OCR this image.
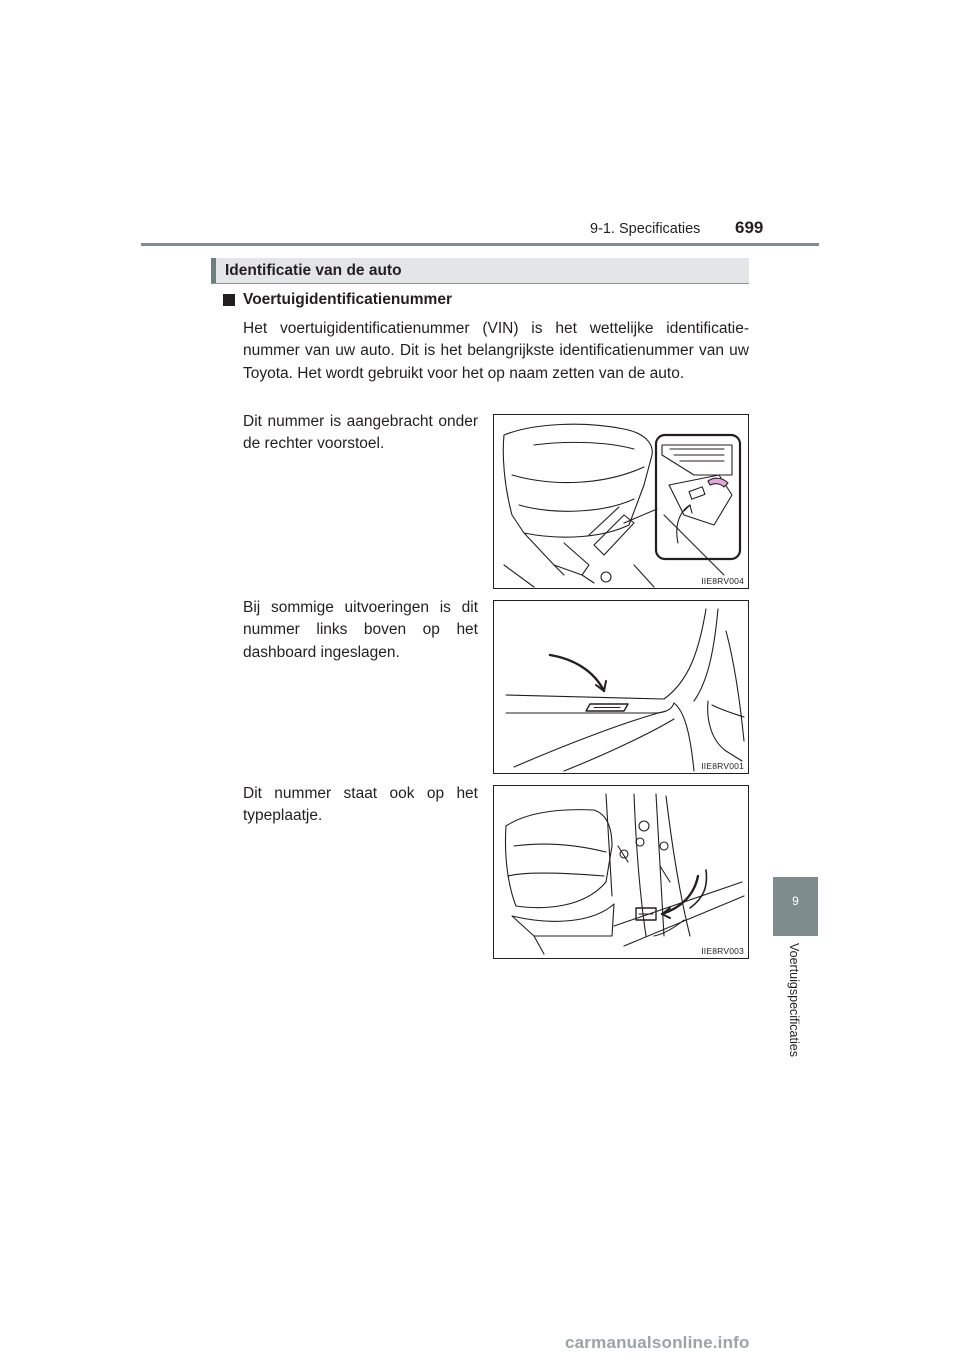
9-1. Specificaties 699
Identificatie van de auto
Voertuigidentificatienummer
Het voertuigidentificatienummer (VIN) is het wettelijke identificatie-nummer van uw auto. Dit is het belangrijkste identificatienummer van uw Toyota. Het wordt gebruikt voor het op naam zetten van de auto.
Dit nummer is aangebracht onder de rechter voorstoel.
IIE8RV004
Bij sommige uitvoeringen is dit nummer links boven op het dashboard ingeslagen.
IIE8RV001
Dit nummer staat ook op het typeplaatje.
IIE8RV003
9
Voertuigspecificaties
carmanualsonline.info
